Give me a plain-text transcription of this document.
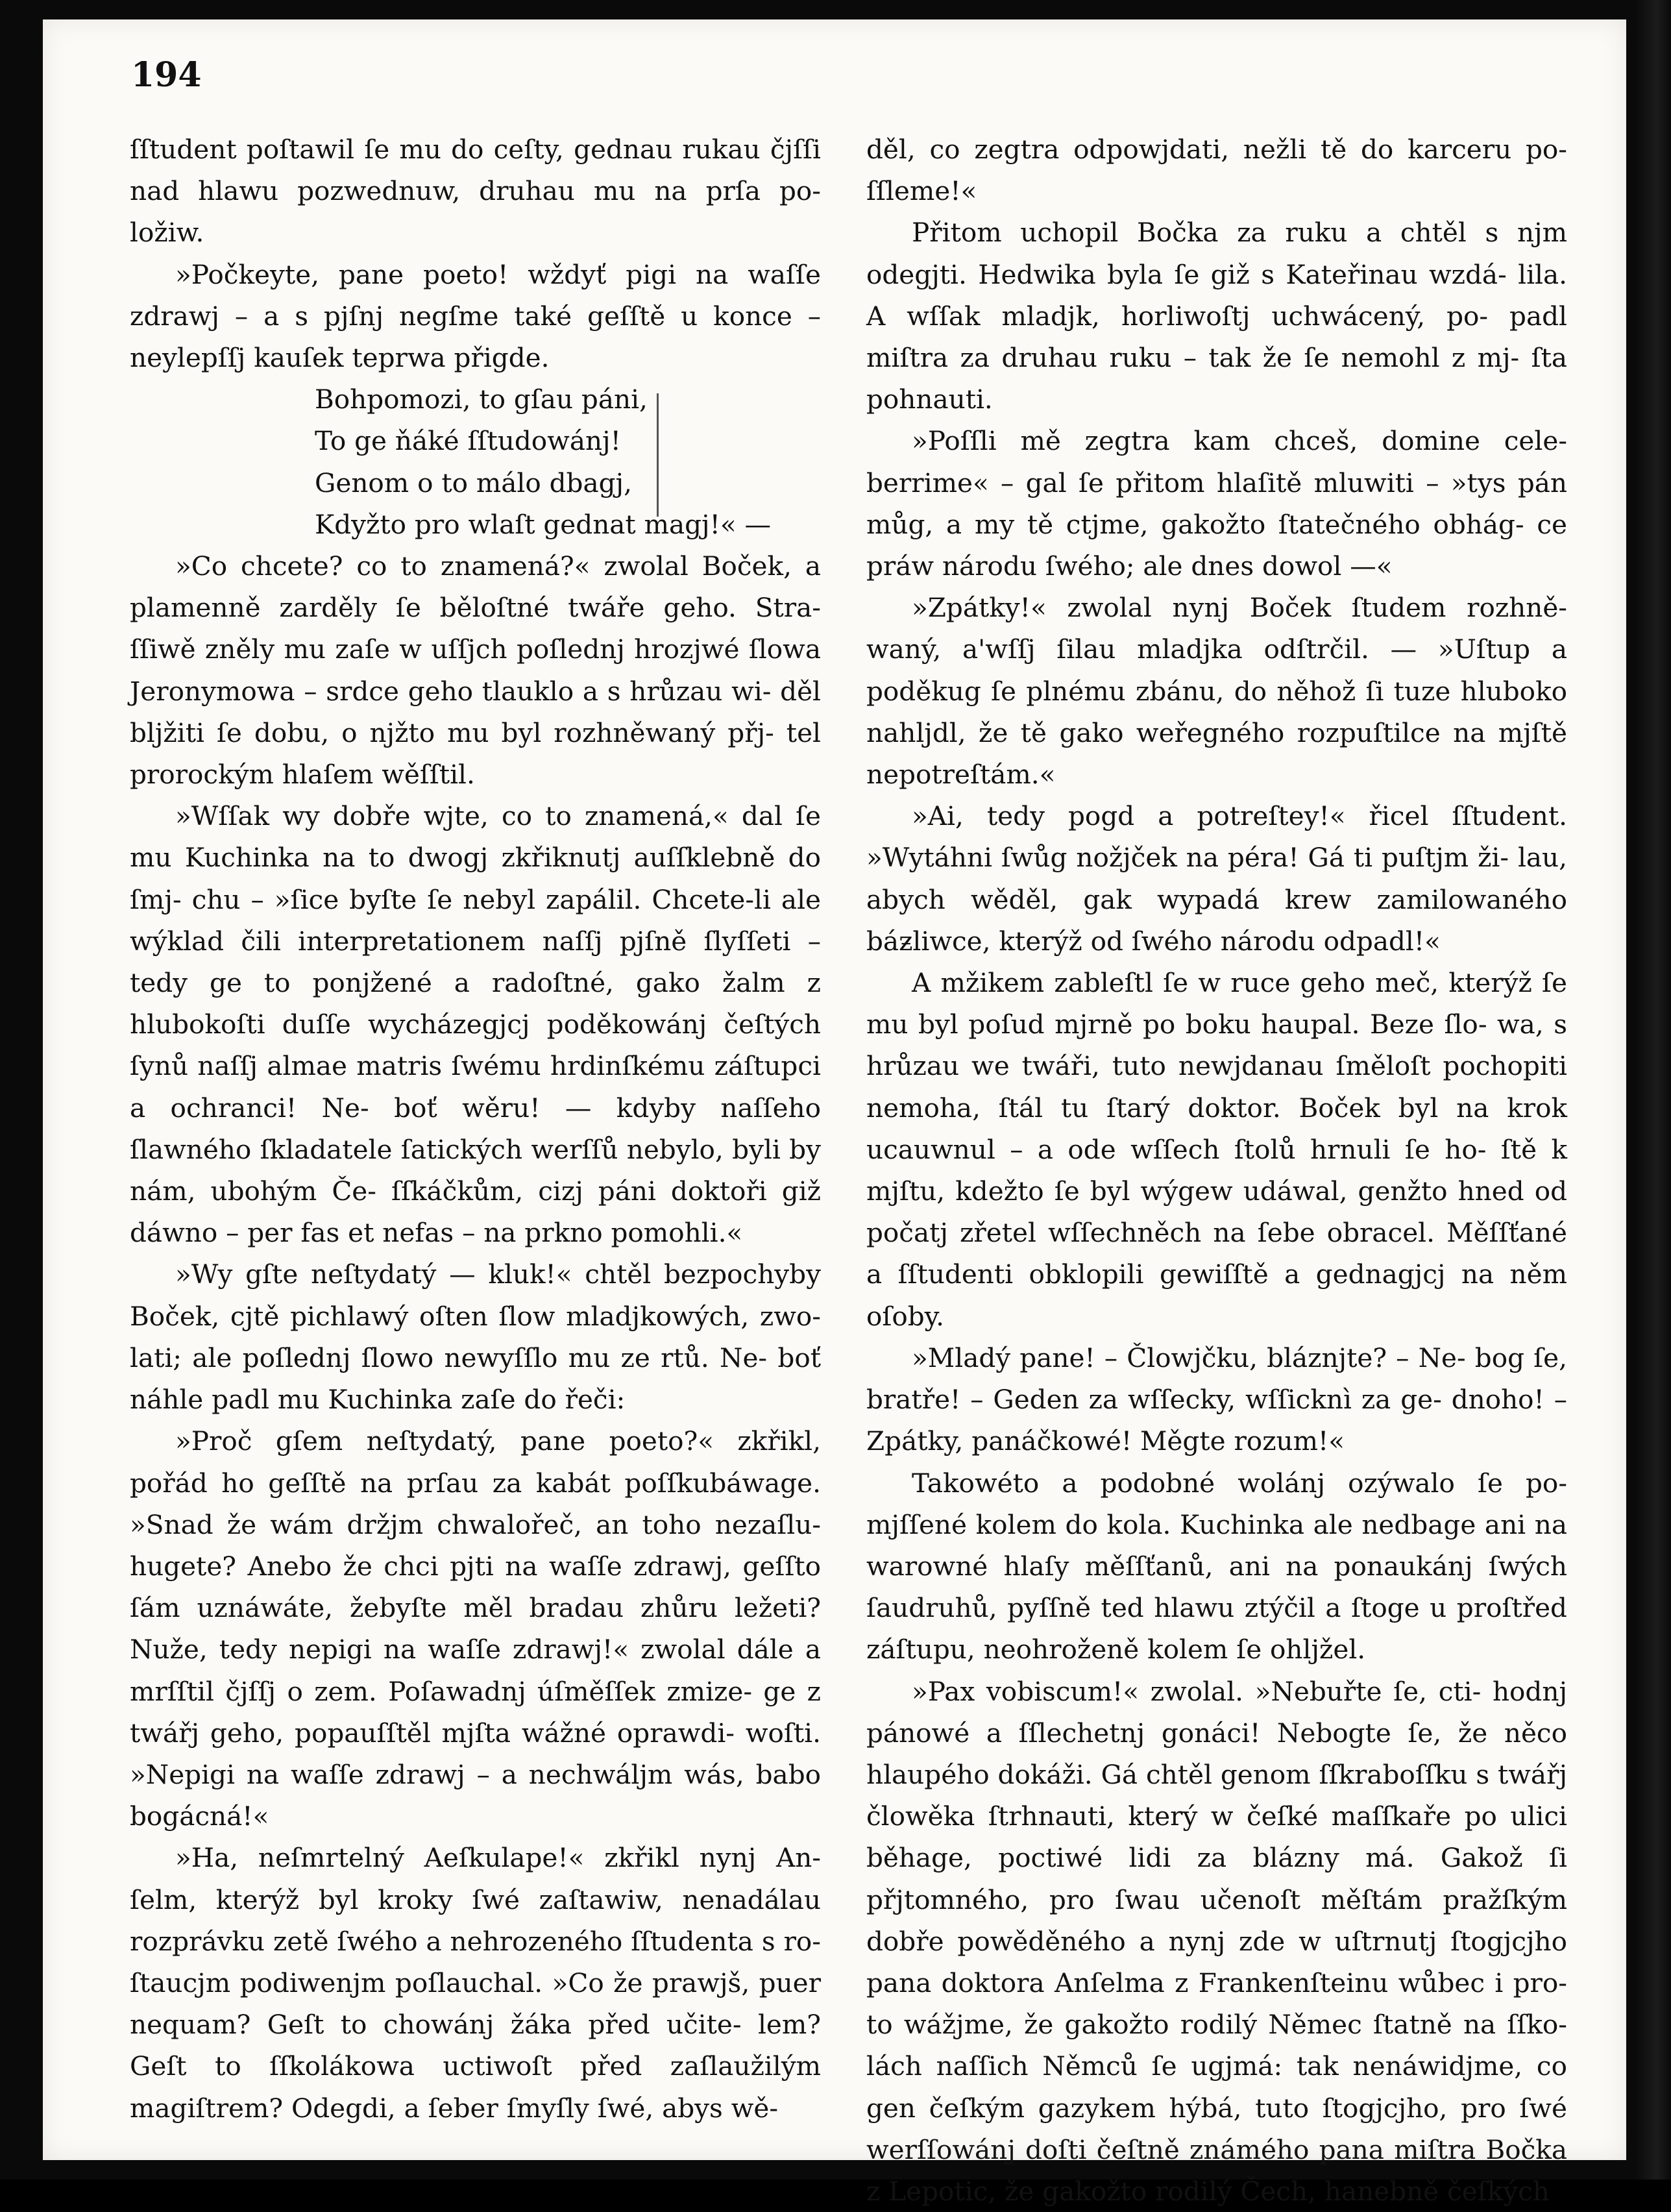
194

ſſtudent poſtawil ſe mu do ceſty, gednau rukau čjſſi nad hlawu pozwednuw, druhau mu na prſa po- ložiw.

»Počkeyte, pane poeto! wždyť pigi na waſſe zdrawj – a s pjſnj negſme také geſſtě u konce – neylepſſj kauſek teprwa přigde.

Bohpomozi, to gſau páni,

To ge ňáké ſſtudowánj!

Genom o to málo dbagj,

Kdyžto pro wlaſt gednat magj!« —

»Co chcete? co to znamená?« zwolal Boček, a plamenně zarděly ſe běloſtné twáře geho. Stra- ſſiwě zněly mu zaſe w uſſjch poſlednj hrozjwé ſlowa Jeronymowa – srdce geho tlauklo a s hrůzau wi- děl bljžiti ſe dobu, o njžto mu byl rozhněwaný přj- tel prorockým hlaſem wěſſtil.

»Wſſak wy dobře wjte, co to znamená,« dal ſe mu Kuchinka na to dwogj zkřiknutj auſſklebně do ſmj- chu – »ſice byſte ſe nebyl zapálil. Chcete-li ale wýklad čili interpretationem naſſj pjſně ſlyſſeti – tedy ge to ponjžené a radoſtné, gako žalm z hlubokoſti duſſe wycházegjcj poděkowánj čeſtých ſynů naſſj almae matris ſwému hrdinſkému záſtupci a ochranci! Ne- boť wěru! — kdyby naſſeho ſlawného ſkladatele ſatických werſſů nebylo, byli by nám, ubohým Če- ſſkáčkům, cizj páni doktoři giž dáwno – per fas et nefas – na prkno pomohli.«

»Wy gſte neſtydatý — kluk!« chtěl bezpochyby Boček, cjtě pichlawý oſten ſlow mladjkowých, zwo- lati; ale poſlednj ſlowo newyſſlo mu ze rtů. Ne- boť náhle padl mu Kuchinka zaſe do řeči:

»Proč gſem neſtydatý, pane poeto?« zkřikl, pořád ho geſſtě na prſau za kabát poſſkubáwage. »Snad že wám držjm chwalořeč, an toho nezaſlu- hugete? Anebo že chci pjti na waſſe zdrawj, geſſto ſám uznáwáte, žebyſte měl bradau zhůru ležeti? Nuže, tedy nepigi na waſſe zdrawj!« zwolal dále a mrſſtil čjſſj o zem. Poſawadnj úſměſſek zmize- ge z twářj geho, popauſſtěl mjſta wážné oprawdi- woſti. »Nepigi na waſſe zdrawj – a nechwáljm wás, babo bogácná!«

»Ha, neſmrtelný Aeſkulape!« zkřikl nynj An- ſelm, kterýž byl kroky ſwé zaſtawiw, nenadálau rozprávku zetě ſwého a nehrozeného ſſtudenta s ro- ſtaucjm podiwenjm poſlauchal. »Co že prawjš, puer nequam? Geſt to chowánj žáka před učite- lem? Geſt to ſſkolákowa uctiwoſt před zaſlaužilým magiſtrem? Odegdi, a ſeber ſmyſly ſwé, abys wě-

děl, co zegtra odpowjdati, nežli tě do karceru po- ſſleme!«

Přitom uchopil Bočka za ruku a chtěl s njm odegjti. Hedwika byla ſe giž s Kateřinau wzdá- lila. A wſſak mladjk, horliwoſtj uchwácený, po- padl miſtra za druhau ruku – tak že ſe nemohl z mj- ſta pohnauti.

»Poſſli mě zegtra kam chceš, domine cele- berrime« – gal ſe přitom hlaſitě mluwiti – »tys pán můg, a my tě ctjme, gakožto ſtatečného obhág- ce práw národu ſwého; ale dnes dowol —«

»Zpátky!« zwolal nynj Boček ſtudem rozhně- waný, a'wſſj ſilau mladjka odſtrčil. — »Uſtup a poděkug ſe plnému zbánu, do něhož ſi tuze hluboko nahljdl, že tě gako weřegného rozpuſtilce na mjſtě nepotreſtám.«

»Ai, tedy pogd a potreſtey!« řicel ſſtudent. »Wytáhni ſwůg nožjček na péra! Gá ti puſtjm ži- lau, abych wěděl, gak wypadá krew zamilowaného báƶliwce, kterýž od ſwého národu odpadl!«

A mžikem zableſtl ſe w ruce geho meč, kterýž ſe mu byl poſud mjrně po boku haupal. Beze ſlo- wa, s hrůzau we twáři, tuto newjdanau ſměloſt pochopiti nemoha, ſtál tu ſtarý doktor. Boček byl na krok ucauwnul – a ode wſſech ſtolů hrnuli ſe ho- ſtě k mjſtu, kdežto ſe byl wýgew udáwal, genžto hned od počatj zřetel wſſechněch na ſebe obracel. Měſſťané a ſſtudenti obklopili gewiſſtě a gednagjcj na něm oſoby.

»Mladý pane! – Člowjčku, bláznjte? – Ne- bog ſe, bratře! – Geden za wſſecky, wſſicknì za ge- dnoho! – Zpátky, panáčkowé! Měgte rozum!«

Takowéto a podobné wolánj ozýwalo ſe po- mjſſené kolem do kola. Kuchinka ale nedbage ani na warowné hlaſy měſſťanů, ani na ponaukánj ſwých ſaudruhů, pyſſně ted hlawu ztýčil a ſtoge u proſtřed záſtupu, neohroženě kolem ſe ohljžel.

»Pax vobiscum!« zwolal. »Nebuřte ſe, cti- hodnj pánowé a ſſlechetnj gonáci! Nebogte ſe, že něco hlaupého dokáži. Gá chtěl genom ſſkraboſſku s twářj člowěka ſtrhnauti, který w čeſké maſſkaře po ulici běhage, poctiwé lidi za blázny má. Gakož ſi přjtomného, pro ſwau učenoſt měſtám pražſkým dobře powěděného a nynj zde w uſtrnutj ſtogjcjho pana doktora Anſelma z Frankenſteinu wůbec i pro- to wážjme, že gakožto rodilý Němec ſtatně na ſſko- lách naſſich Němců ſe ugjmá: tak nenáwidjme, co gen čeſkým gazykem hýbá, tuto ſtogjcjho, pro ſwé werſſowánj doſti čeſtně známého pana miſtra Bočka z Lepotic, že gakožto rodilý Čech, hanebně čeſkých
